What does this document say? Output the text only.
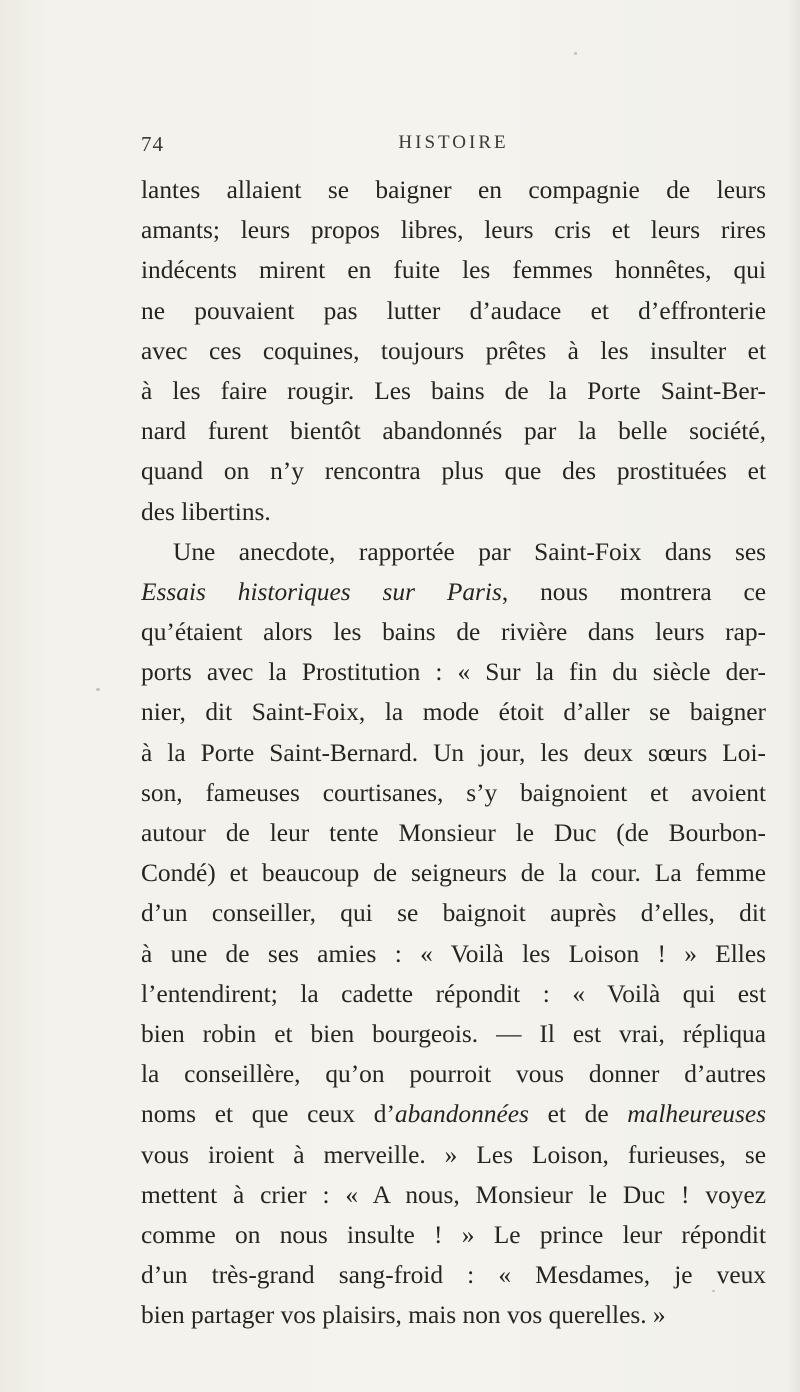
74	HISTOIRE
lantes allaient se baigner en compagnie de leurs
amants; leurs propos libres, leurs cris et leurs rires
indécents mirent en fuite les femmes honnêtes, qui
ne pouvaient pas lutter d’audace et d’effronterie
avec ces coquines, toujours prêtes à les insulter et
à les faire rougir. Les bains de la Porte Saint-Ber-
nard furent bientôt abandonnés par la belle société,
quand on n’y rencontra plus que des prostituées et
des libertins.
Une anecdote, rapportée par Saint-Foix dans ses
Essais historiques sur Paris, nous montrera ce
qu’étaient alors les bains de rivière dans leurs rap-
ports avec la Prostitution : « Sur la fin du siècle der-
nier, dit Saint-Foix, la mode étoit d’aller se baigner
à la Porte Saint-Bernard. Un jour, les deux sœurs Loi-
son, fameuses courtisanes, s’y baignoient et avoient
autour de leur tente Monsieur le Duc (de Bourbon-
Condé) et beaucoup de seigneurs de la cour. La femme
d’un conseiller, qui se baignoit auprès d’elles, dit
à une de ses amies : « Voilà les Loison ! » Elles
l’entendirent; la cadette répondit : « Voilà qui est
bien robin et bien bourgeois. — Il est vrai, répliqua
la conseillère, qu’on pourroit vous donner d’autres
noms et que ceux d’abandonnées et de malheureuses
vous iroient à merveille. » Les Loison, furieuses, se
mettent à crier : « A nous, Monsieur le Duc ! voyez
comme on nous insulte ! » Le prince leur répondit
d’un très-grand sang-froid : « Mesdames, je veux
bien partager vos plaisirs, mais non vos querelles. »
